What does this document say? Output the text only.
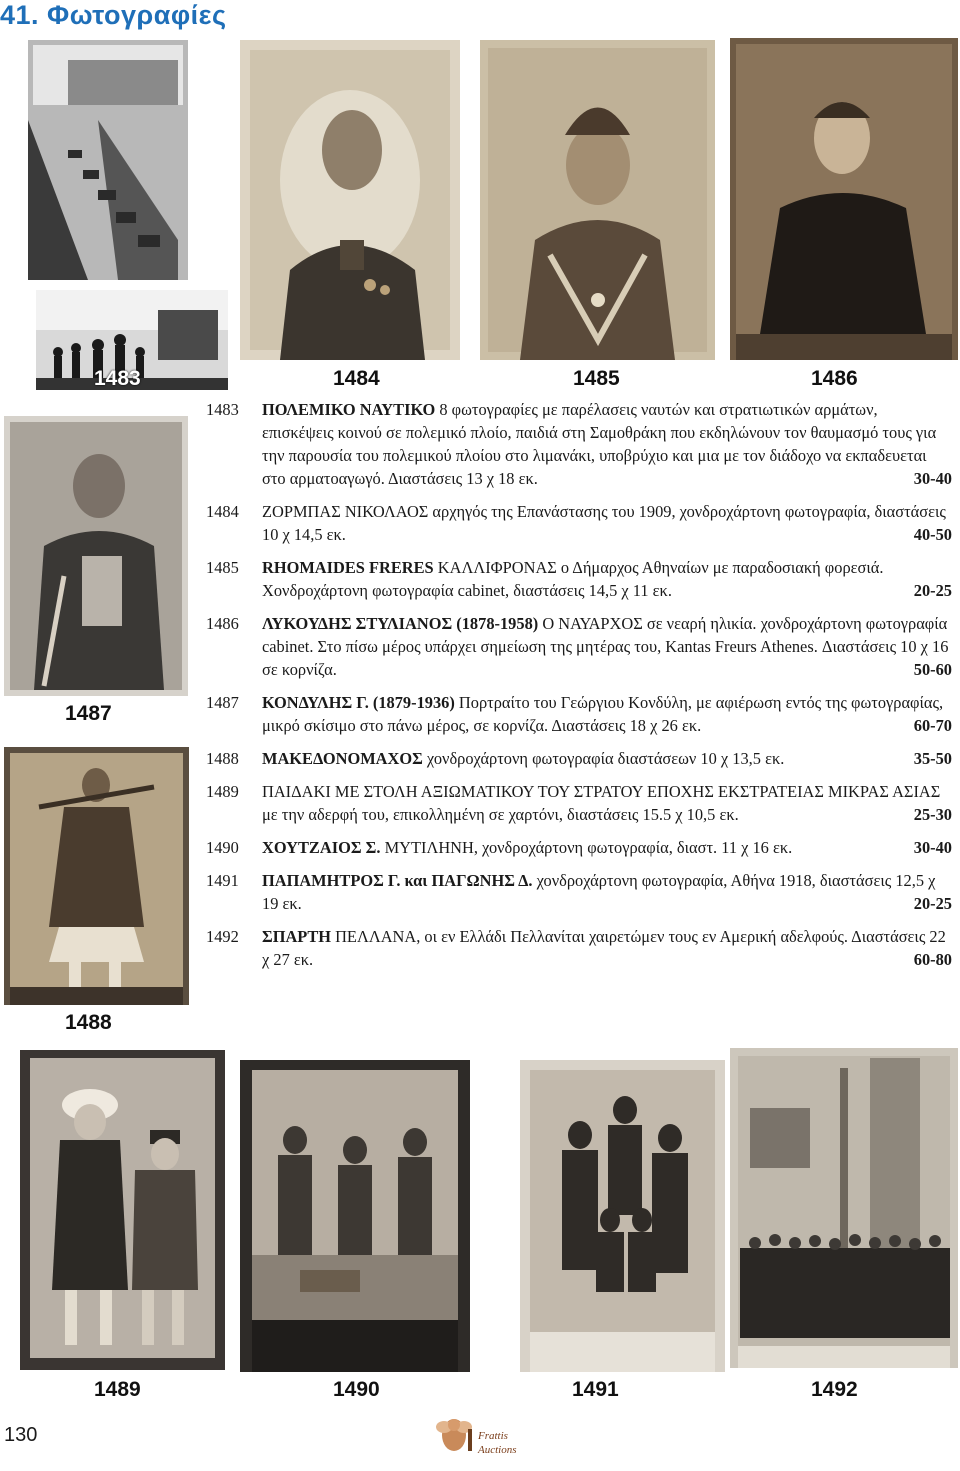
41. Φωτογραφίες
1483	1484	1485	1486
1487
1488
1489	1490	1491	1492
1483	ΠΟΛΕΜΙΚΟ ΝΑΥΤΙΚΟ 8 φωτογραφίες με παρέλασεις ναυτών και στρατιωτικών αρμάτων, επισκέψεις κοινού σε πολεμικό πλοίο, παιδιά στη Σαμοθράκη που εκδηλώνουν τον θαυμασμό τους για την παρουσία του πολεμικού πλοίου στο λιμανάκι, υποβρύχιο και μια με τον διάδοχο να εκπαδευεται στο αρματοαγωγό. Διαστάσεις 13 χ 18 εκ.	30-40
1484	ΖΟΡΜΠΑΣ ΝΙΚΟΛΑΟΣ αρχηγός της Επανάστασης του 1909, χονδροχάρτονη φωτογραφία, διαστάσεις 10 χ 14,5 εκ.	40-50
1485	RHOMAIDES FRERES ΚΑΛΛΙΦΡΟΝΑΣ ο Δήμαρχος Αθηναίων με παραδοσιακή φορεσιά. Χονδροχάρτονη φωτογραφία cabinet, διαστάσεις 14,5 χ 11 εκ.	20-25
1486	ΛΥΚΟΥΔΗΣ ΣΤΥΛΙΑΝΟΣ (1878-1958) Ο ΝΑΥΑΡΧΟΣ σε νεαρή ηλικία. χονδροχάρτονη φωτογραφία cabinet. Στο πίσω μέρος υπάρχει σημείωση της μητέρας του, Kantas Freurs Athenes. Διαστάσεις 10 χ 16 σε κορνίζα.	50-60
1487	ΚΟΝΔΥΛΗΣ Γ. (1879-1936) Πορτραίτο του Γεώργιου Κονδύλη, με αφιέρωση εντός της φωτογραφίας, μικρό σκίσιμο στο πάνω μέρος, σε κορνίζα. Διαστάσεις 18 χ 26 εκ.	60-70
1488	ΜΑΚΕΔΟΝΟΜΑΧΟΣ χονδροχάρτονη φωτογραφία διαστάσεων 10 χ 13,5 εκ.	35-50
1489	ΠΑΙΔΑΚΙ ΜΕ ΣΤΟΛΗ ΑΞΙΩΜΑΤΙΚΟΥ ΤΟΥ ΣΤΡΑΤΟΥ ΕΠΟΧΗΣ ΕΚΣΤΡΑΤΕΙΑΣ ΜΙΚΡΑΣ ΑΣΙΑΣ με την αδερφή του, επικολλημένη σε χαρτόνι, διαστάσεις 15.5 χ 10,5 εκ.	25-30
1490	ΧΟΥΤΖΑΙΟΣ Σ. ΜΥΤΙΛΗΝΗ, χονδροχάρτονη φωτογραφία, διαστ. 11 χ 16 εκ.	30-40
1491	ΠΑΠΑΜΗΤΡΟΣ Γ. και ΠΑΓΩΝΗΣ Δ. χονδροχάρτονη φωτογραφία, Αθήνα 1918, διαστάσεις 12,5 χ 19 εκ.	20-25
1492	ΣΠΑΡΤΗ ΠΕΛΛΑΝΑ, οι εν Ελλάδι Πελλανίται χαιρετώμεν τους εν Αμερική αδελφούς. Διαστάσεις 22 χ 27 εκ.	60-80
130	Frattis
Auctions
